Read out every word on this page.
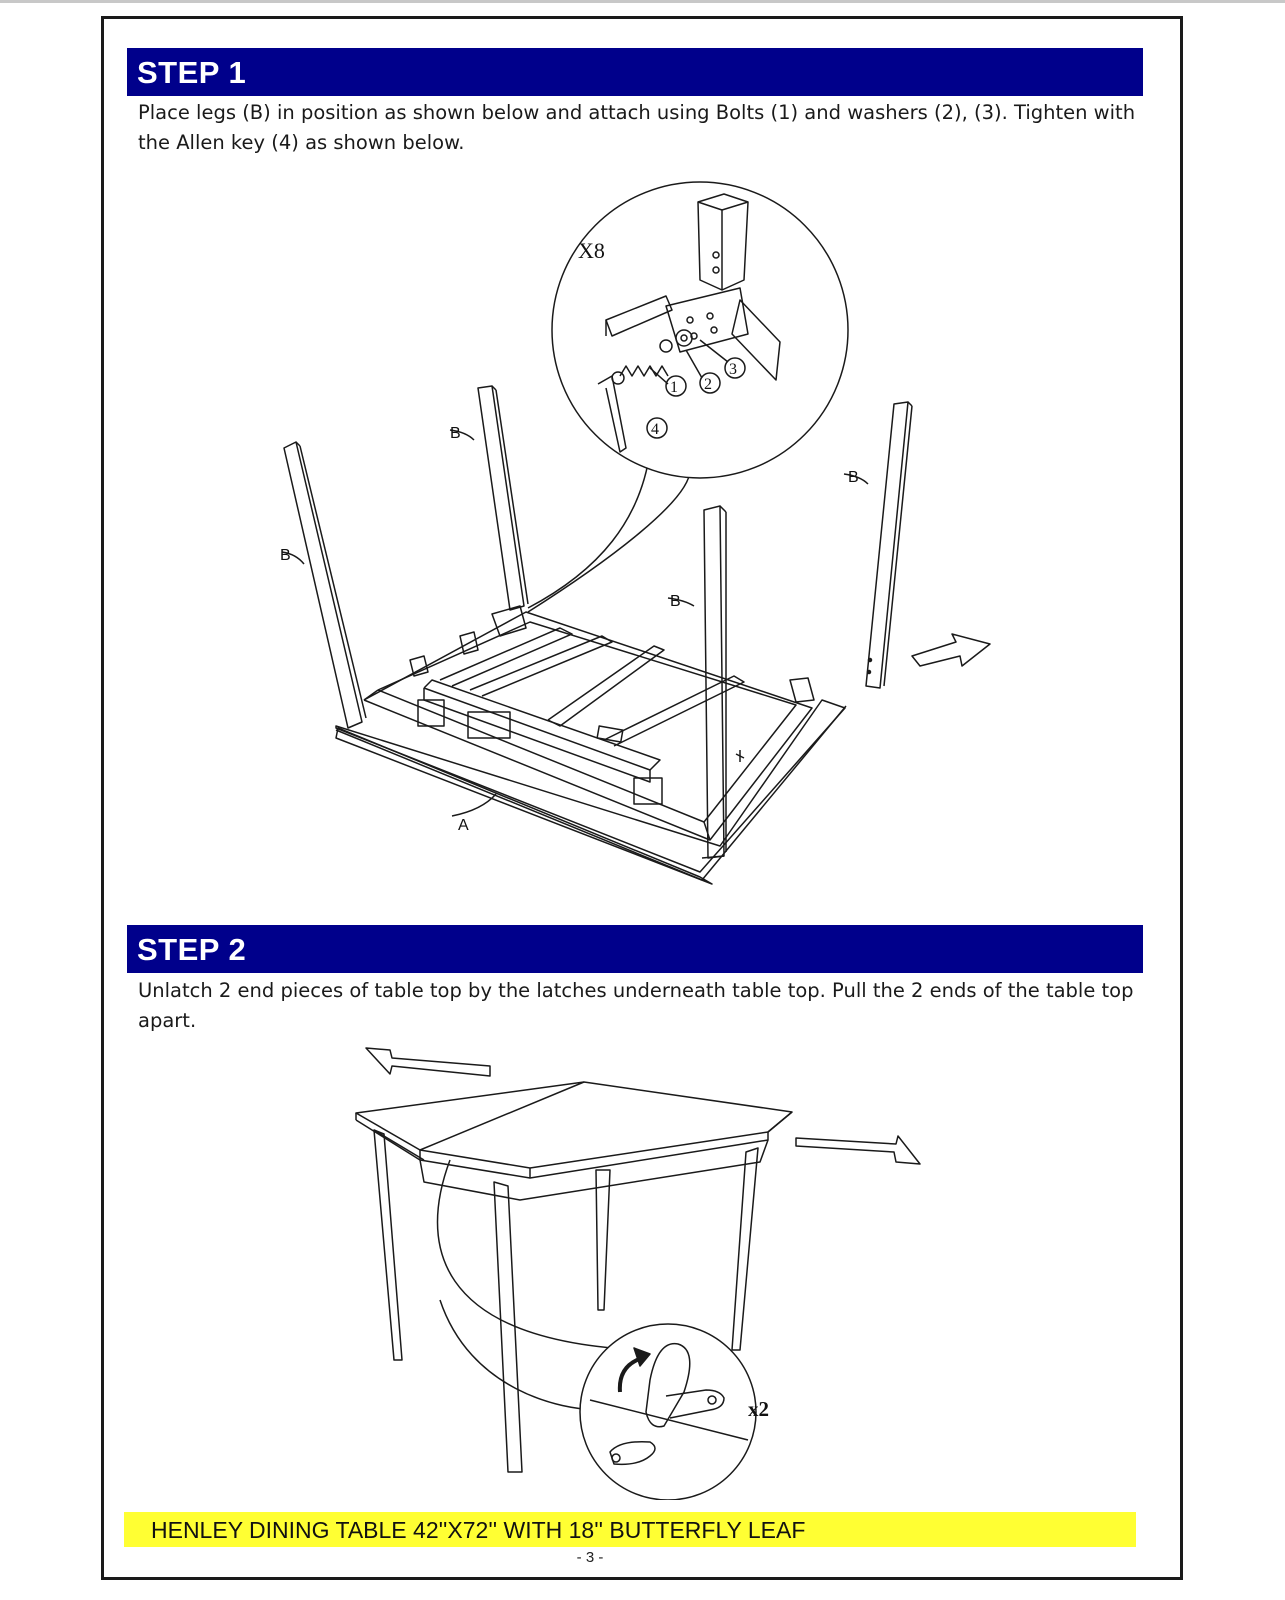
STEP 1
Place legs (B) in position as shown below and attach using Bolts (1) and washers (2), (3). Tighten with the Allen key (4) as shown below.
X8
1 2
3
4
B
B
B
B
A
STEP 2
Unlatch 2 end pieces of table top by the latches underneath table top. Pull the 2 ends of the table top apart.
x2
HENLEY DINING TABLE 42''X72'' WITH 18'' BUTTERFLY LEAF
- 3 -
